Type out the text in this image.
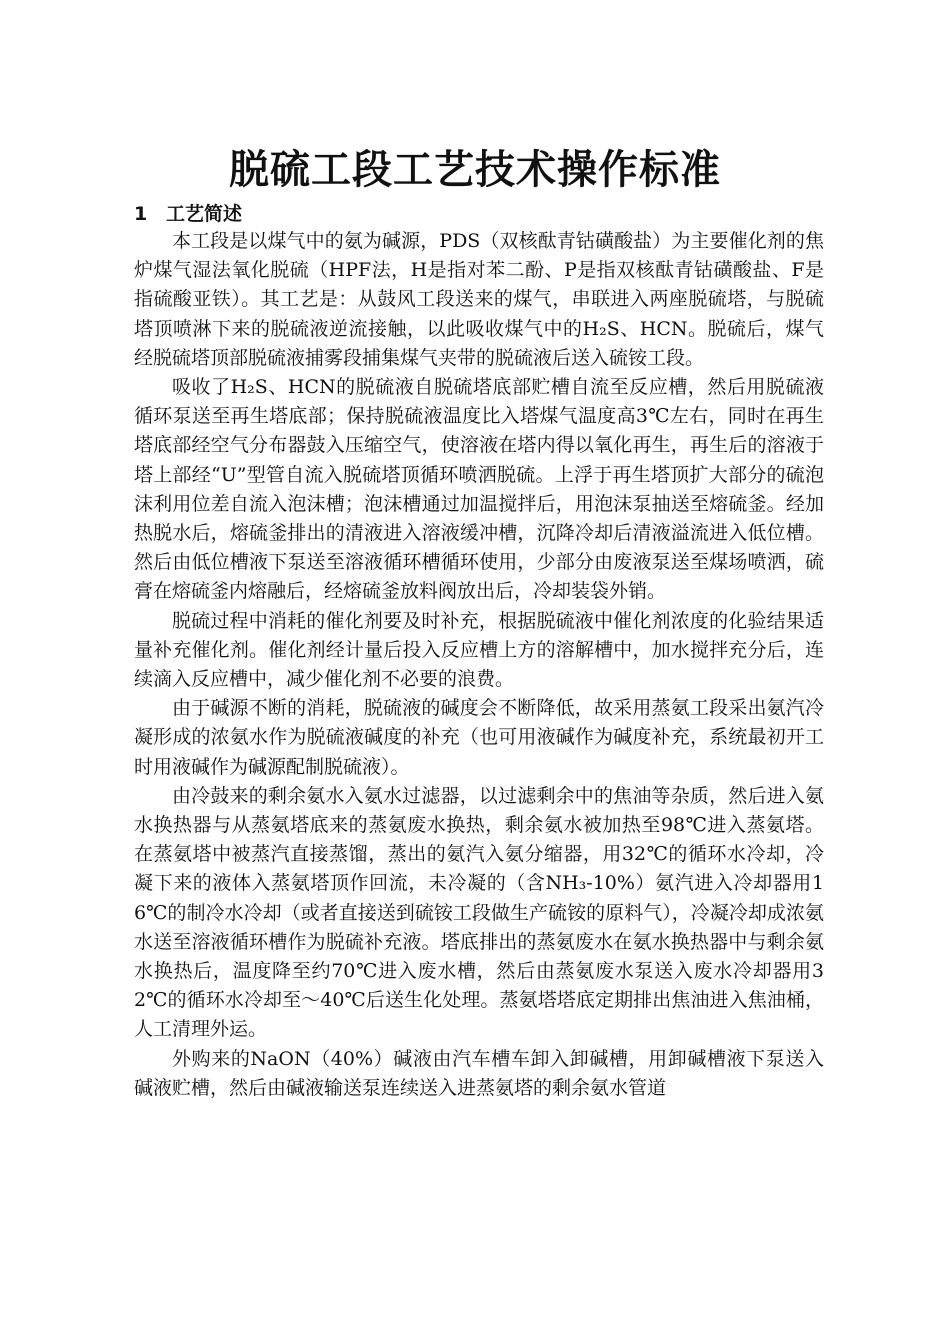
脱硫工段工艺技术操作标准
1 工艺简述

本工段是以煤气中的氨为碱源，PDS（双核酞青钴磺酸盐）为主要催化剂的焦炉煤气湿法氧化脱硫（HPF法，H是指对苯二酚、P是指双核酞青钴磺酸盐、F是指硫酸亚铁）。其工艺是：从鼓风工段送来的煤气，串联进入两座脱硫塔，与脱硫塔顶喷淋下来的脱硫液逆流接触，以此吸收煤气中的H₂S、HCN。脱硫后，煤气经脱硫塔顶部脱硫液捕雾段捕集煤气夹带的脱硫液后送入硫铵工段。

吸收了H₂S、HCN的脱硫液自脱硫塔底部贮槽自流至反应槽，然后用脱硫液循环泵送至再生塔底部；保持脱硫液温度比入塔煤气温度高3℃左右，同时在再生塔底部经空气分布器鼓入压缩空气，使溶液在塔内得以氧化再生，再生后的溶液于塔上部经“U”型管自流入脱硫塔顶循环喷洒脱硫。上浮于再生塔顶扩大部分的硫泡沫利用位差自流入泡沫槽；泡沫槽通过加温搅拌后，用泡沫泵抽送至熔硫釜。经加热脱水后，熔硫釜排出的清液进入溶液缓冲槽，沉降冷却后清液溢流进入低位槽。然后由低位槽液下泵送至溶液循环槽循环使用，少部分由废液泵送至煤场喷洒，硫膏在熔硫釜内熔融后，经熔硫釜放料阀放出后，冷却装袋外销。

脱硫过程中消耗的催化剂要及时补充，根据脱硫液中催化剂浓度的化验结果适量补充催化剂。催化剂经计量后投入反应槽上方的溶解槽中，加水搅拌充分后，连续滴入反应槽中，减少催化剂不必要的浪费。

由于碱源不断的消耗，脱硫液的碱度会不断降低，故采用蒸氨工段采出氨汽冷凝形成的浓氨水作为脱硫液碱度的补充（也可用液碱作为碱度补充，系统最初开工时用液碱作为碱源配制脱硫液）。

由冷鼓来的剩余氨水入氨水过滤器，以过滤剩余中的焦油等杂质，然后进入氨水换热器与从蒸氨塔底来的蒸氨废水换热，剩余氨水被加热至98℃进入蒸氨塔。在蒸氨塔中被蒸汽直接蒸馏，蒸出的氨汽入氨分缩器，用32℃的循环水冷却，冷凝下来的液体入蒸氨塔顶作回流，未冷凝的（含NH₃-10%）氨汽进入冷却器用16℃的制冷水冷却（或者直接送到硫铵工段做生产硫铵的原料气），冷凝冷却成浓氨水送至溶液循环槽作为脱硫补充液。塔底排出的蒸氨废水在氨水换热器中与剩余氨水换热后，温度降至约70℃进入废水槽，然后由蒸氨废水泵送入废水冷却器用32℃的循环水冷却至～40℃后送生化处理。蒸氨塔塔底定期排出焦油进入焦油桶，人工清理外运。

外购来的NaON（40%）碱液由汽车槽车卸入卸碱槽，用卸碱槽液下泵送入碱液贮槽，然后由碱液输送泵连续送入进蒸氨塔的剩余氨水管道
